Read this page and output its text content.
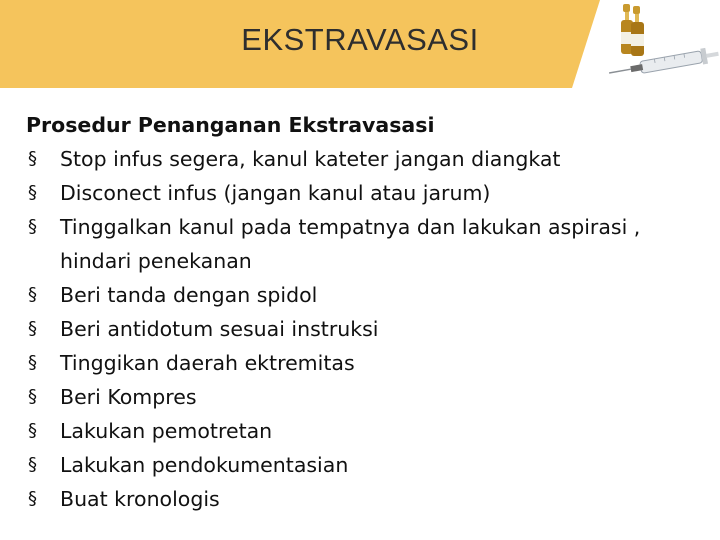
EKSTRAVASASI
Prosedur Penanganan Ekstravasasi
§ Stop infus segera, kanul kateter jangan diangkat
§ Disconect infus (jangan kanul atau jarum)
§ Tinggalkan kanul pada tempatnya dan lakukan aspirasi , hindari penekanan
§ Beri tanda dengan spidol
§ Beri antidotum sesuai instruksi
§ Tinggikan daerah ektremitas
§ Beri Kompres
§ Lakukan pemotretan
§ Lakukan pendokumentasian
§ Buat kronologis
